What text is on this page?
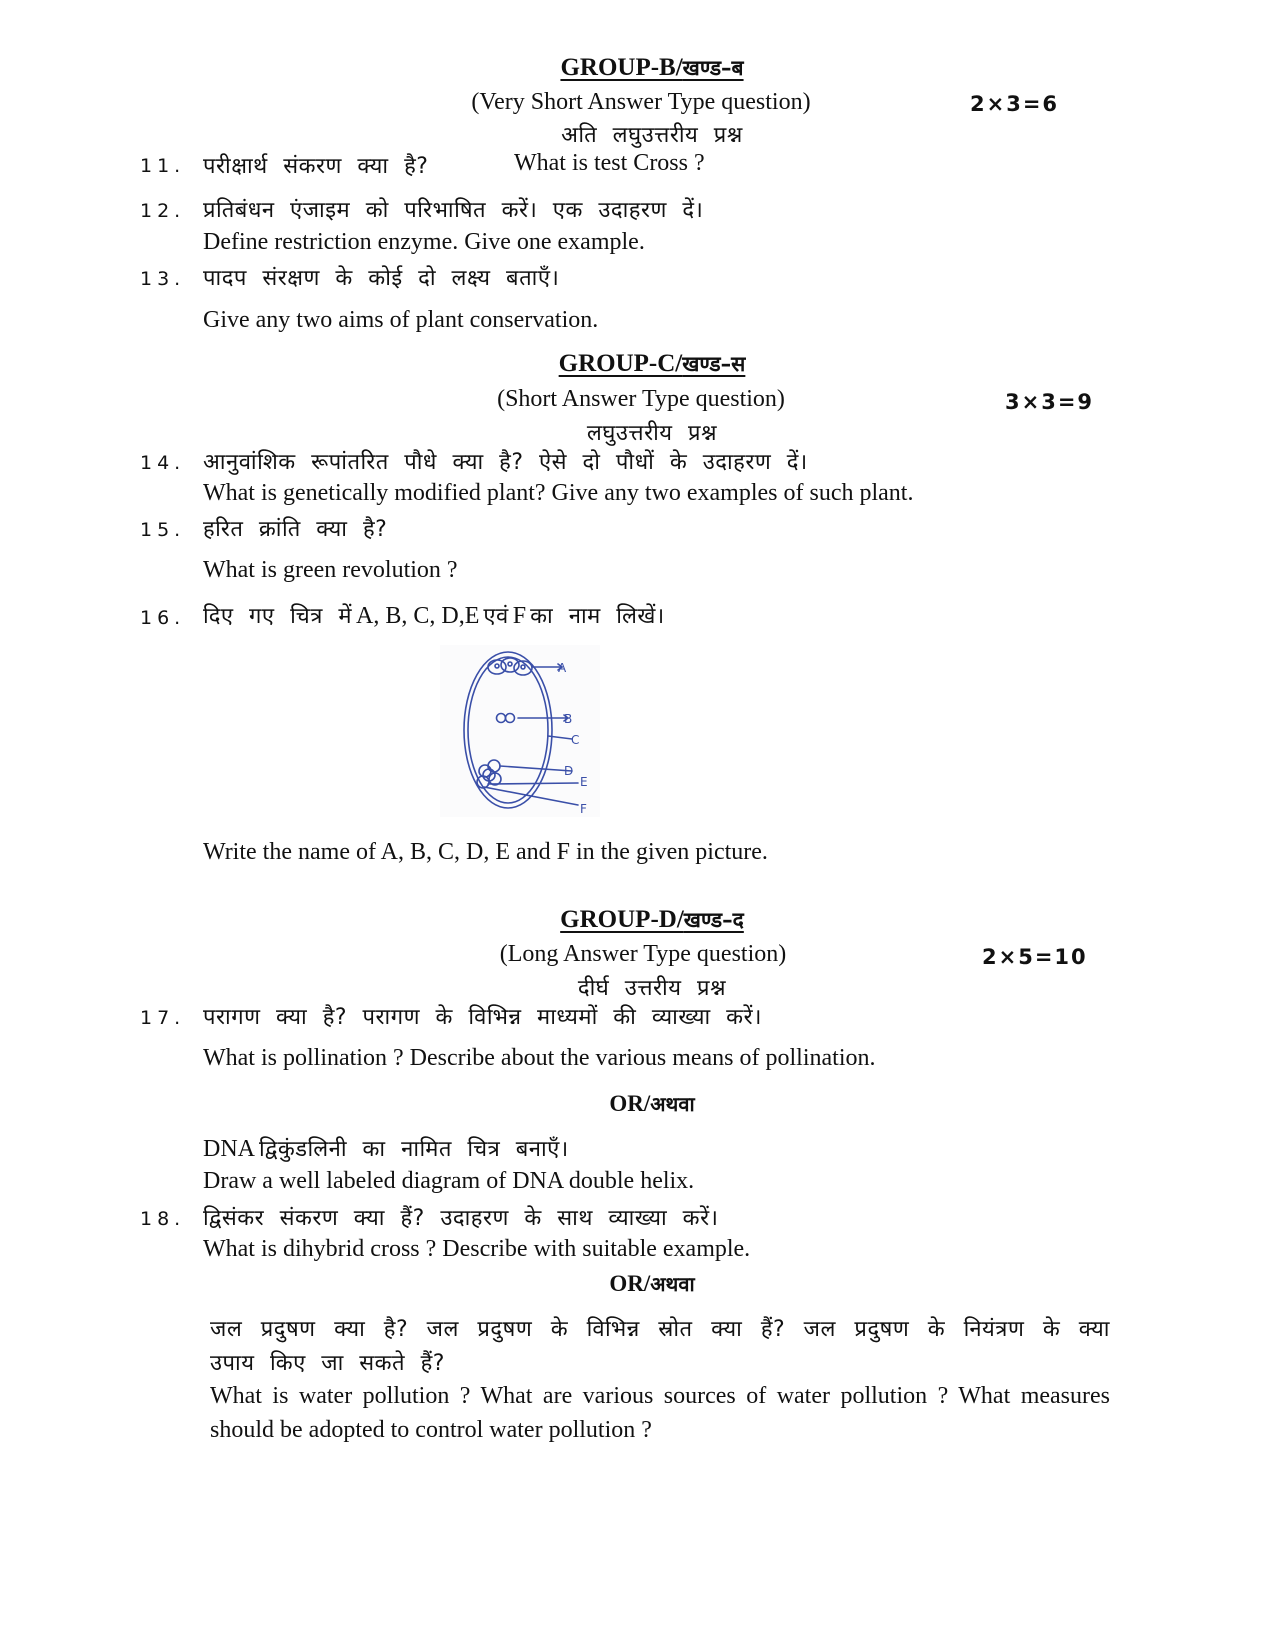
GROUP-B/खण्ड–ब
(Very Short Answer Type question)	2×3=6
अति लघुउत्तरीय प्रश्न
11. परीक्षार्थ संकरण क्या है?	What is test Cross ?
12. प्रतिबंधन एंजाइम को परिभाषित करें। एक उदाहरण दें।
Define restriction enzyme. Give one example.
13. पादप संरक्षण के कोई दो लक्ष्य बताएँ।
Give any two aims of plant conservation.
GROUP-C/खण्ड–स
(Short Answer Type question)	3×3=9
लघुउत्तरीय प्रश्न
14. आनुवांशिक रूपांतरित पौधे क्या है? ऐसे दो पौधों के उदाहरण दें।
What is genetically modified plant? Give any two examples of such plant.
15. हरित क्रांति क्या है?
What is green revolution ?
16. दिए गए चित्र में A, B, C, D,E एवं F का नाम लिखें।
A
B
C
D
E
F
Write the name of A, B, C, D, E and F in the given picture.
GROUP-D/खण्ड–द
(Long Answer Type question)	2×5=10
दीर्घ उत्तरीय प्रश्न
17. परागण क्या है? परागण के विभिन्न माध्यमों की व्याख्या करें।
What is pollination ? Describe about the various means of pollination.
OR/अथवा
DNA द्विकुंडलिनी का नामित चित्र बनाएँ।
Draw a well labeled diagram of DNA double helix.
18. द्विसंकर संकरण क्या हैं? उदाहरण के साथ व्याख्या करें।
What is dihybrid cross ? Describe with suitable example.
OR/अथवा
जल प्रदुषण क्या है? जल प्रदुषण के विभिन्न स्रोत क्या हैं? जल प्रदुषण के नियंत्रण के क्या उपाय किए जा सकते हैं?
What is water pollution ? What are various sources of water pollution ? What measures should be adopted to control water pollution ?
